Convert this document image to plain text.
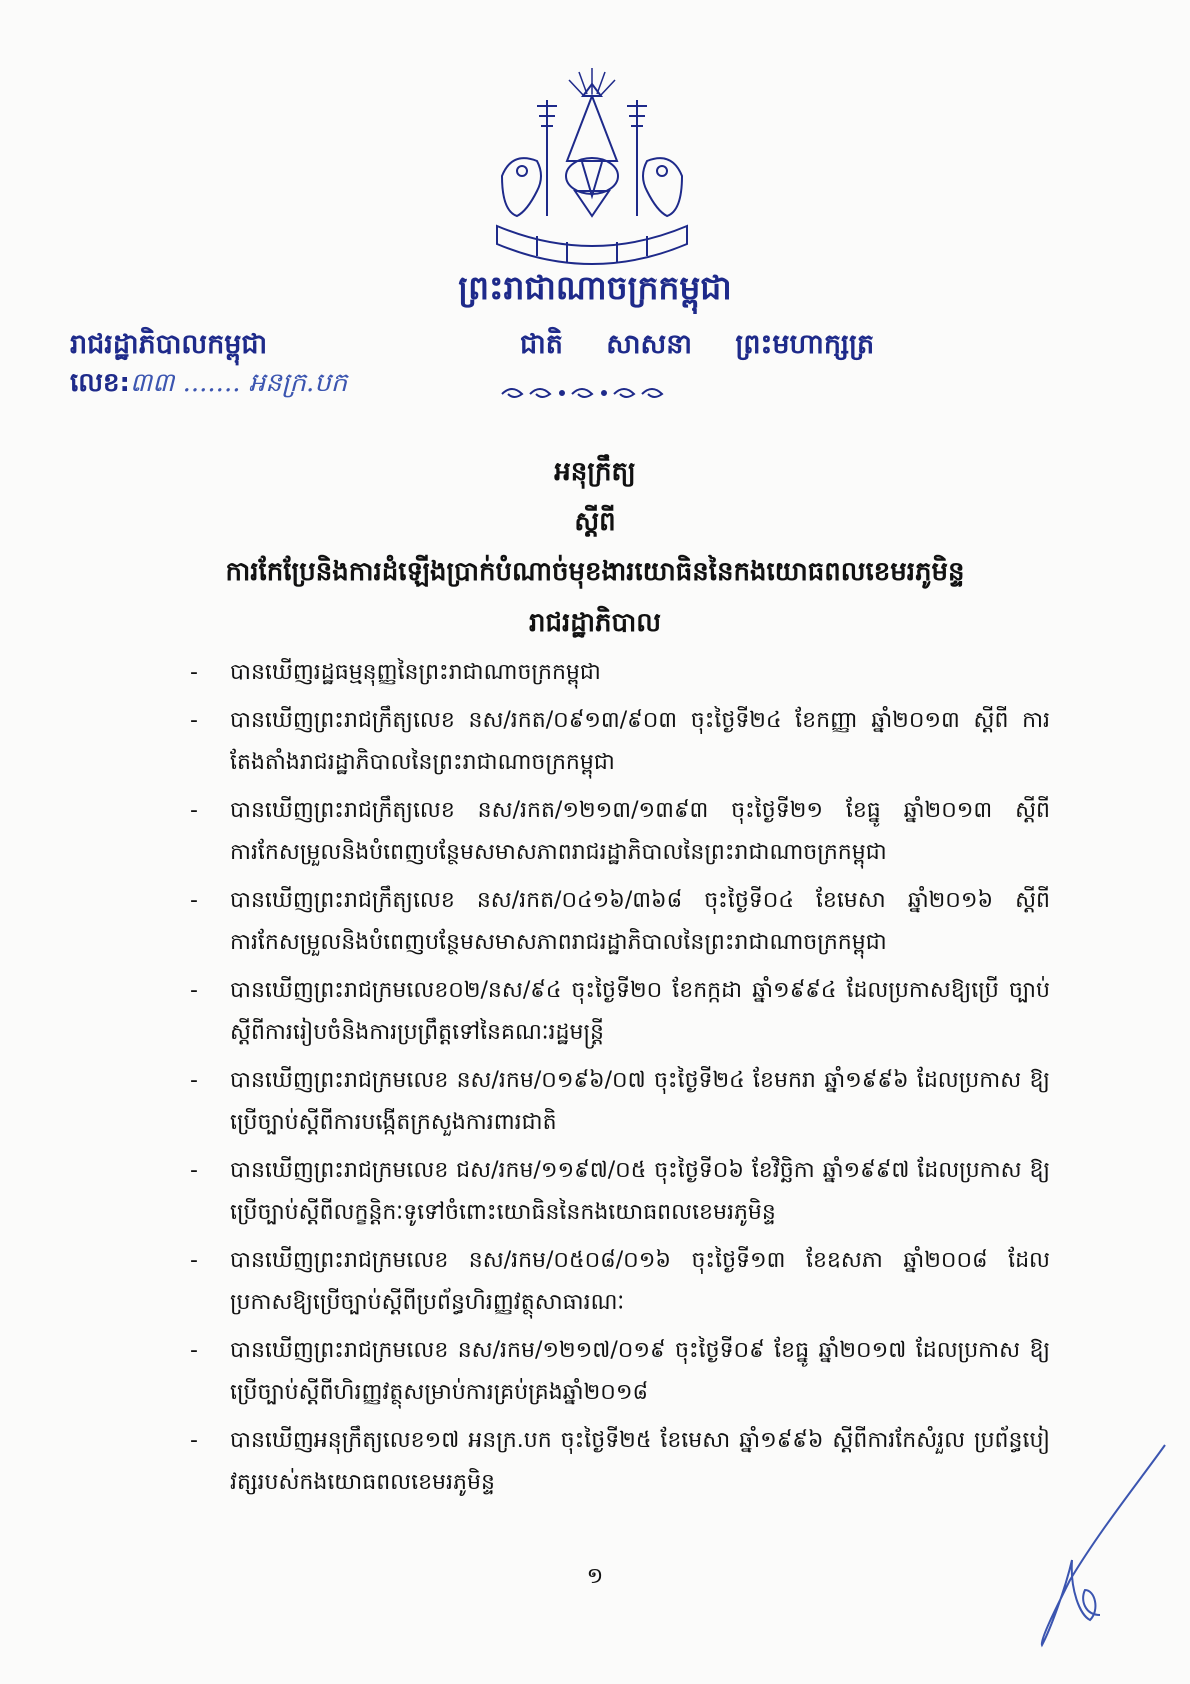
ព្រះរាជាណាចក្រកម្ពុជា
រាជរដ្ឋាភិបាលកម្ពុជា	ជាតិ សាសនា ព្រះមហាក្សត្រ
លេខ:៣៣ ....... អនក្រ.បក
អនុក្រឹត្យ
ស្តីពី
ការកែប្រែនិងការដំឡើងប្រាក់បំណាច់មុខងារយោធិននៃកងយោធពលខេមរភូមិន្ទ
រាជរដ្ឋាភិបាល
- បានឃើញរដ្ឋធម្មនុញ្ញនៃព្រះរាជាណាចក្រកម្ពុជា
- បានឃើញព្រះរាជក្រឹត្យលេខ នស/រកត/០៩១៣/៩០៣ ចុះថ្ងៃទី២៤ ខែកញ្ញា ឆ្នាំ២០១៣ ស្តីពី ការតែងតាំងរាជរដ្ឋាភិបាលនៃព្រះរាជាណាចក្រកម្ពុជា
- បានឃើញព្រះរាជក្រឹត្យលេខ នស/រកត/១២១៣/១៣៩៣ ចុះថ្ងៃទី២១ ខែធ្នូ ឆ្នាំ២០១៣ ស្តីពី ការកែសម្រួលនិងបំពេញបន្ថែមសមាសភាពរាជរដ្ឋាភិបាលនៃព្រះរាជាណាចក្រកម្ពុជា
- បានឃើញព្រះរាជក្រឹត្យលេខ នស/រកត/០៤១៦/៣៦៨ ចុះថ្ងៃទី០៤ ខែមេសា ឆ្នាំ២០១៦ ស្តីពី ការកែសម្រួលនិងបំពេញបន្ថែមសមាសភាពរាជរដ្ឋាភិបាលនៃព្រះរាជាណាចក្រកម្ពុជា
- បានឃើញព្រះរាជក្រមលេខ០២/នស/៩៤ ចុះថ្ងៃទី២០ ខែកក្កដា ឆ្នាំ១៩៩៤ ដែលប្រកាសឱ្យប្រើ ច្បាប់ស្តីពីការរៀបចំនិងការប្រព្រឹត្តទៅនៃគណៈរដ្ឋមន្ត្រី
- បានឃើញព្រះរាជក្រមលេខ នស/រកម/០១៩៦/០៧ ចុះថ្ងៃទី២៤ ខែមករា ឆ្នាំ១៩៩៦ ដែលប្រកាស ឱ្យប្រើច្បាប់ស្តីពីការបង្កើតក្រសួងការពារជាតិ
- បានឃើញព្រះរាជក្រមលេខ ជស/រកម/១១៩៧/០៥ ចុះថ្ងៃទី០៦ ខែវិច្ឆិកា ឆ្នាំ១៩៩៧ ដែលប្រកាស ឱ្យប្រើច្បាប់ស្តីពីលក្ខន្តិកៈទូទៅចំពោះយោធិននៃកងយោធពលខេមរភូមិន្ទ
- បានឃើញព្រះរាជក្រមលេខ នស/រកម/០៥០៨/០១៦ ចុះថ្ងៃទី១៣ ខែឧសភា ឆ្នាំ២០០៨ ដែល ប្រកាសឱ្យប្រើច្បាប់ស្តីពីប្រព័ន្ធហិរញ្ញវត្ថុសាធារណៈ
- បានឃើញព្រះរាជក្រមលេខ នស/រកម/១២១៧/០១៩ ចុះថ្ងៃទី០៩ ខែធ្នូ ឆ្នាំ២០១៧ ដែលប្រកាស ឱ្យប្រើច្បាប់ស្តីពីហិរញ្ញវត្ថុសម្រាប់ការគ្រប់គ្រងឆ្នាំ២០១៨
- បានឃើញអនុក្រឹត្យលេខ១៧ អនក្រ.បក ចុះថ្ងៃទី២៥ ខែមេសា ឆ្នាំ១៩៩៦ ស្តីពីការកែសំរួល ប្រព័ន្ធបៀវត្សរបស់កងយោធពលខេមរភូមិន្ទ
១
